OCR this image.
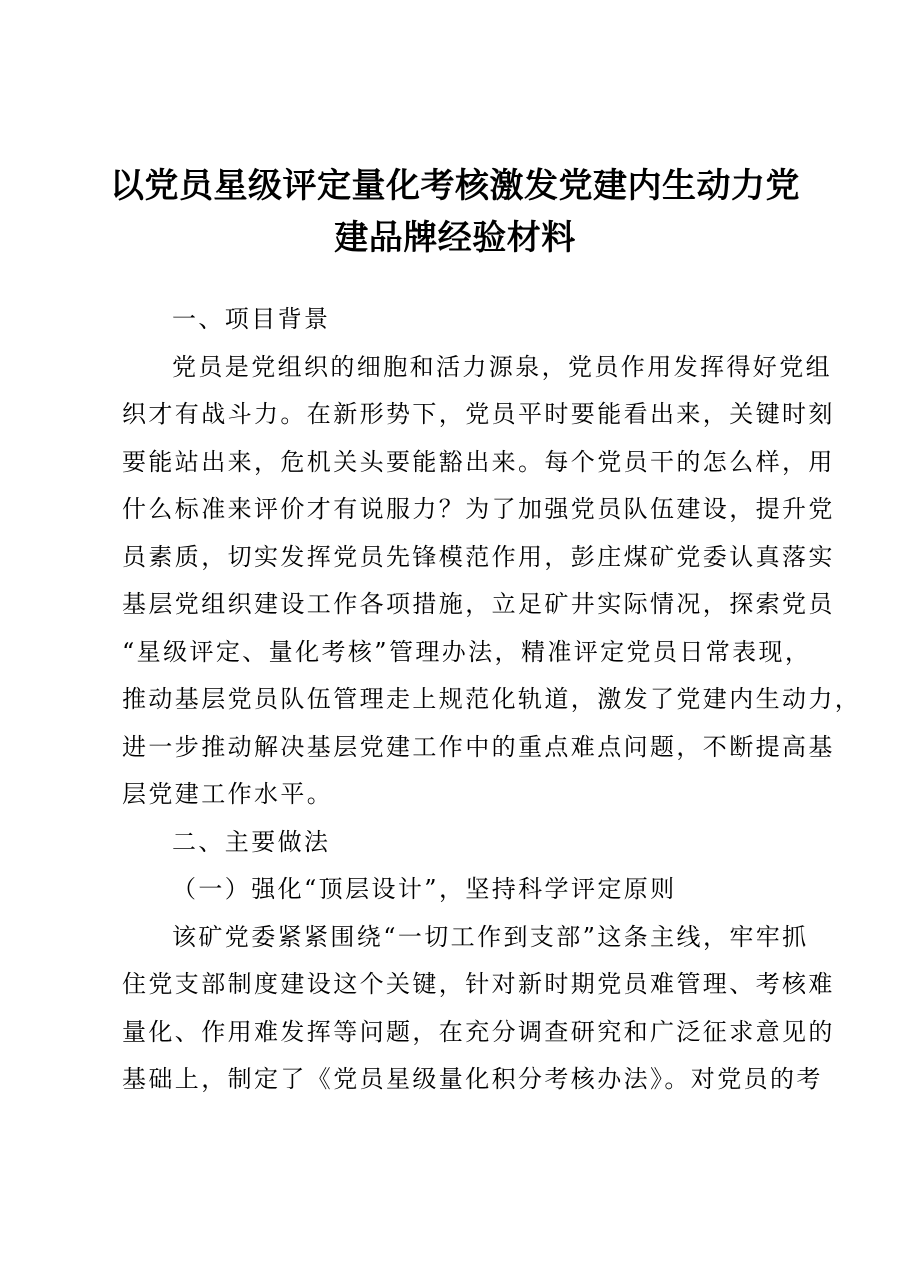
以党员星级评定量化考核激发党建内生动力党
建品牌经验材料
一、项目背景
党员是党组织的细胞和活力源泉，党员作用发挥得好党组
织才有战斗力。在新形势下，党员平时要能看出来，关键时刻
要能站出来，危机关头要能豁出来。每个党员干的怎么样，用
什么标准来评价才有说服力？为了加强党员队伍建设，提升党
员素质，切实发挥党员先锋模范作用，彭庄煤矿党委认真落实
基层党组织建设工作各项措施，立足矿井实际情况，探索党员
“星级评定、量化考核”管理办法，精准评定党员日常表现，
推动基层党员队伍管理走上规范化轨道，激发了党建内生动力，
进一步推动解决基层党建工作中的重点难点问题，不断提高基
层党建工作水平。
二、主要做法
（一）强化“顶层设计”，坚持科学评定原则
该矿党委紧紧围绕“一切工作到支部”这条主线，牢牢抓
住党支部制度建设这个关键，针对新时期党员难管理、考核难
量化、作用难发挥等问题，在充分调查研究和广泛征求意见的
基础上，制定了《党员星级量化积分考核办法》。对党员的考
